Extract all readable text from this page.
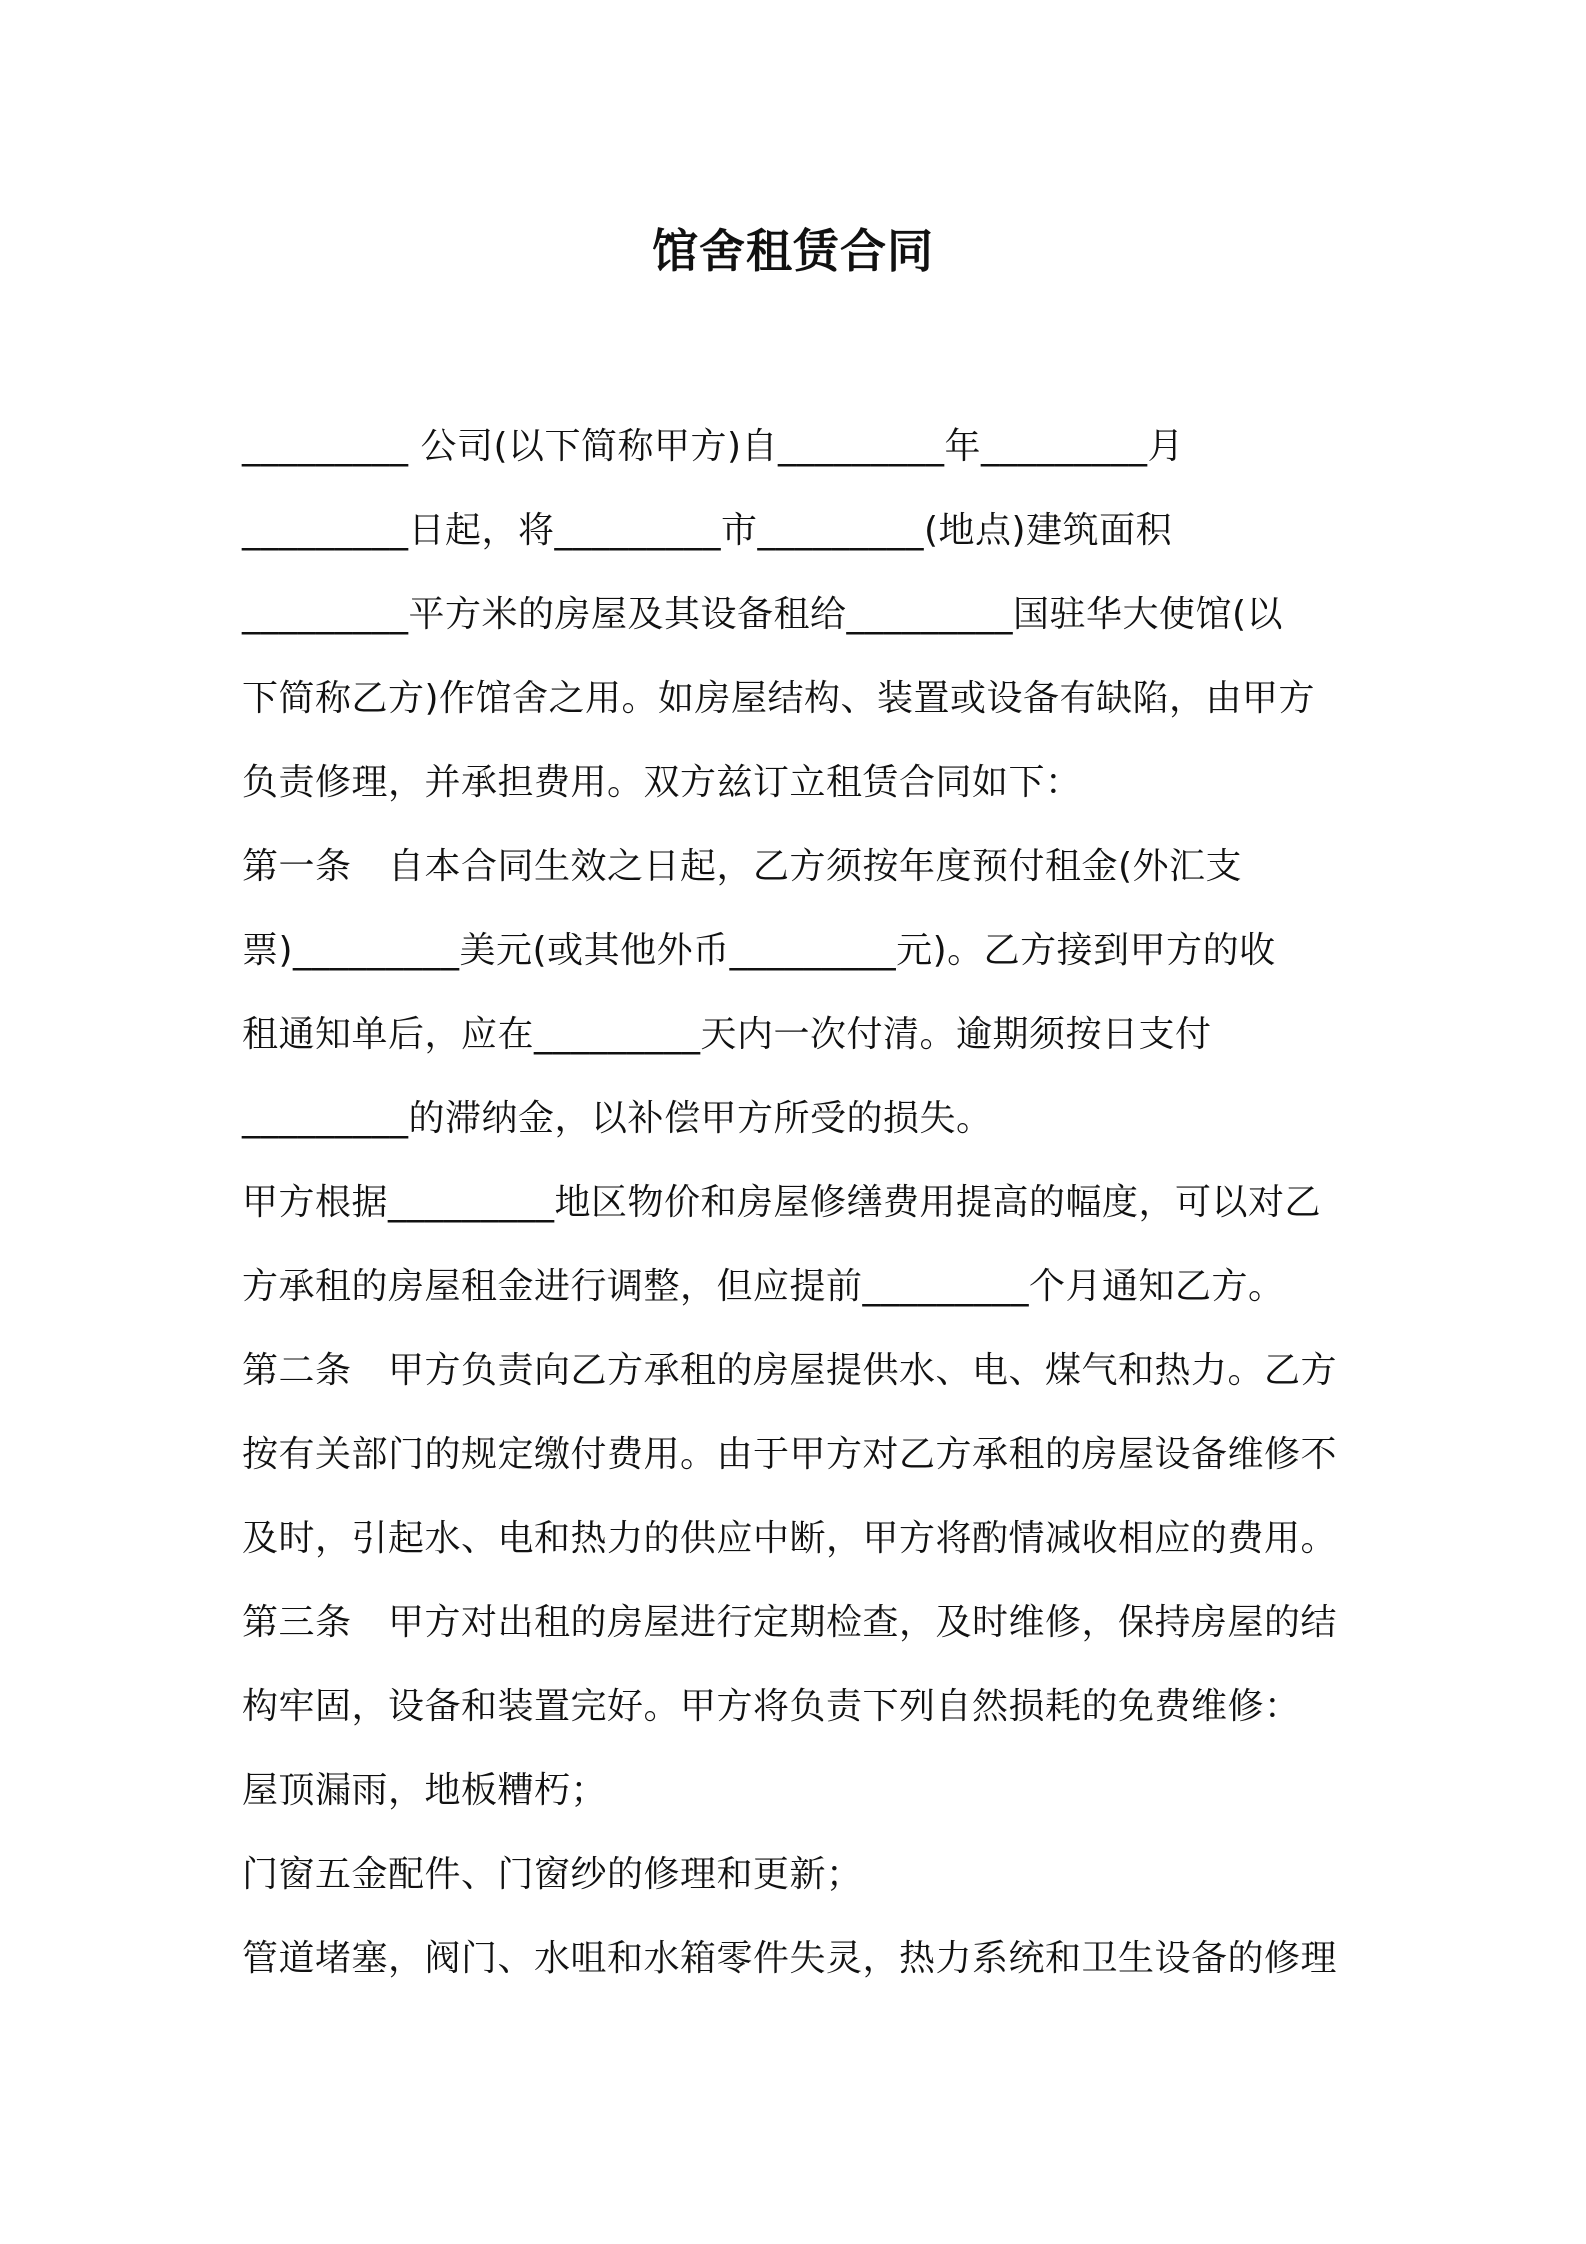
馆舍租赁合同
_________ 公司(以下简称甲方)自_________年_________月
_________日起，将_________市_________(地点)建筑面积
_________平方米的房屋及其设备租给_________国驻华大使馆(以
下简称乙方)作馆舍之用。如房屋结构、装置或设备有缺陷，由甲方
负责修理，并承担费用。双方兹订立租赁合同如下：
第一条　自本合同生效之日起，乙方须按年度预付租金(外汇支
票)_________美元(或其他外币_________元)。乙方接到甲方的收
租通知单后，应在_________天内一次付清。逾期须按日支付
_________的滞纳金，以补偿甲方所受的损失。
甲方根据_________地区物价和房屋修缮费用提高的幅度，可以对乙
方承租的房屋租金进行调整，但应提前_________个月通知乙方。
第二条　甲方负责向乙方承租的房屋提供水、电、煤气和热力。乙方
按有关部门的规定缴付费用。由于甲方对乙方承租的房屋设备维修不
及时，引起水、电和热力的供应中断，甲方将酌情减收相应的费用。
第三条　甲方对出租的房屋进行定期检查，及时维修，保持房屋的结
构牢固，设备和装置完好。甲方将负责下列自然损耗的免费维修：
屋顶漏雨，地板糟朽；
门窗五金配件、门窗纱的修理和更新；
管道堵塞，阀门、水咀和水箱零件失灵，热力系统和卫生设备的修理
